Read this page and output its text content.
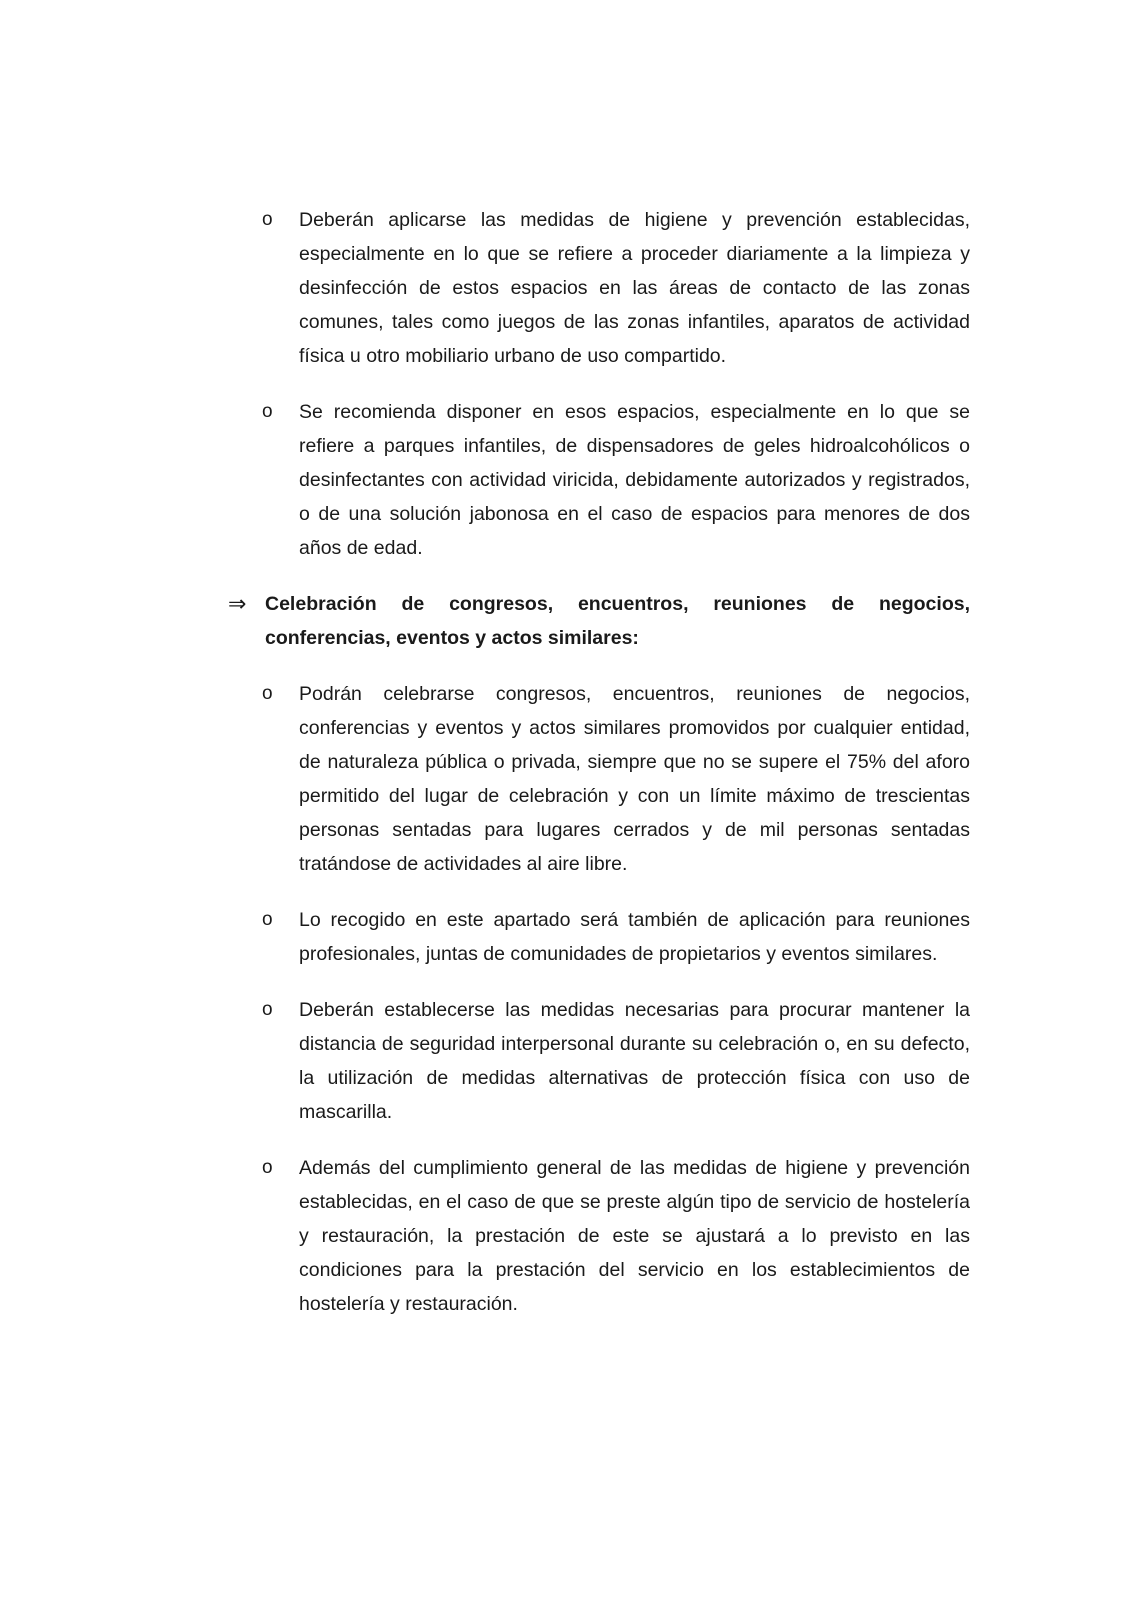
o Deberán aplicarse las medidas de higiene y prevención establecidas, especialmente en lo que se refiere a proceder diariamente a la limpieza y desinfección de estos espacios en las áreas de contacto de las zonas comunes, tales como juegos de las zonas infantiles, aparatos de actividad física u otro mobiliario urbano de uso compartido.

o Se recomienda disponer en esos espacios, especialmente en lo que se refiere a parques infantiles, de dispensadores de geles hidroalcohólicos o desinfectantes con actividad viricida, debidamente autorizados y registrados, o de una solución jabonosa en el caso de espacios para menores de dos años de edad.

⇒ Celebración de congresos, encuentros, reuniones de negocios, conferencias, eventos y actos similares:

o Podrán celebrarse congresos, encuentros, reuniones de negocios, conferencias y eventos y actos similares promovidos por cualquier entidad, de naturaleza pública o privada, siempre que no se supere el 75% del aforo permitido del lugar de celebración y con un límite máximo de trescientas personas sentadas para lugares cerrados y de mil personas sentadas tratándose de actividades al aire libre.

o Lo recogido en este apartado será también de aplicación para reuniones profesionales, juntas de comunidades de propietarios y eventos similares.

o Deberán establecerse las medidas necesarias para procurar mantener la distancia de seguridad interpersonal durante su celebración o, en su defecto, la utilización de medidas alternativas de protección física con uso de mascarilla.

o Además del cumplimiento general de las medidas de higiene y prevención establecidas, en el caso de que se preste algún tipo de servicio de hostelería y restauración, la prestación de este se ajustará a lo previsto en las condiciones para la prestación del servicio en los establecimientos de hostelería y restauración.
